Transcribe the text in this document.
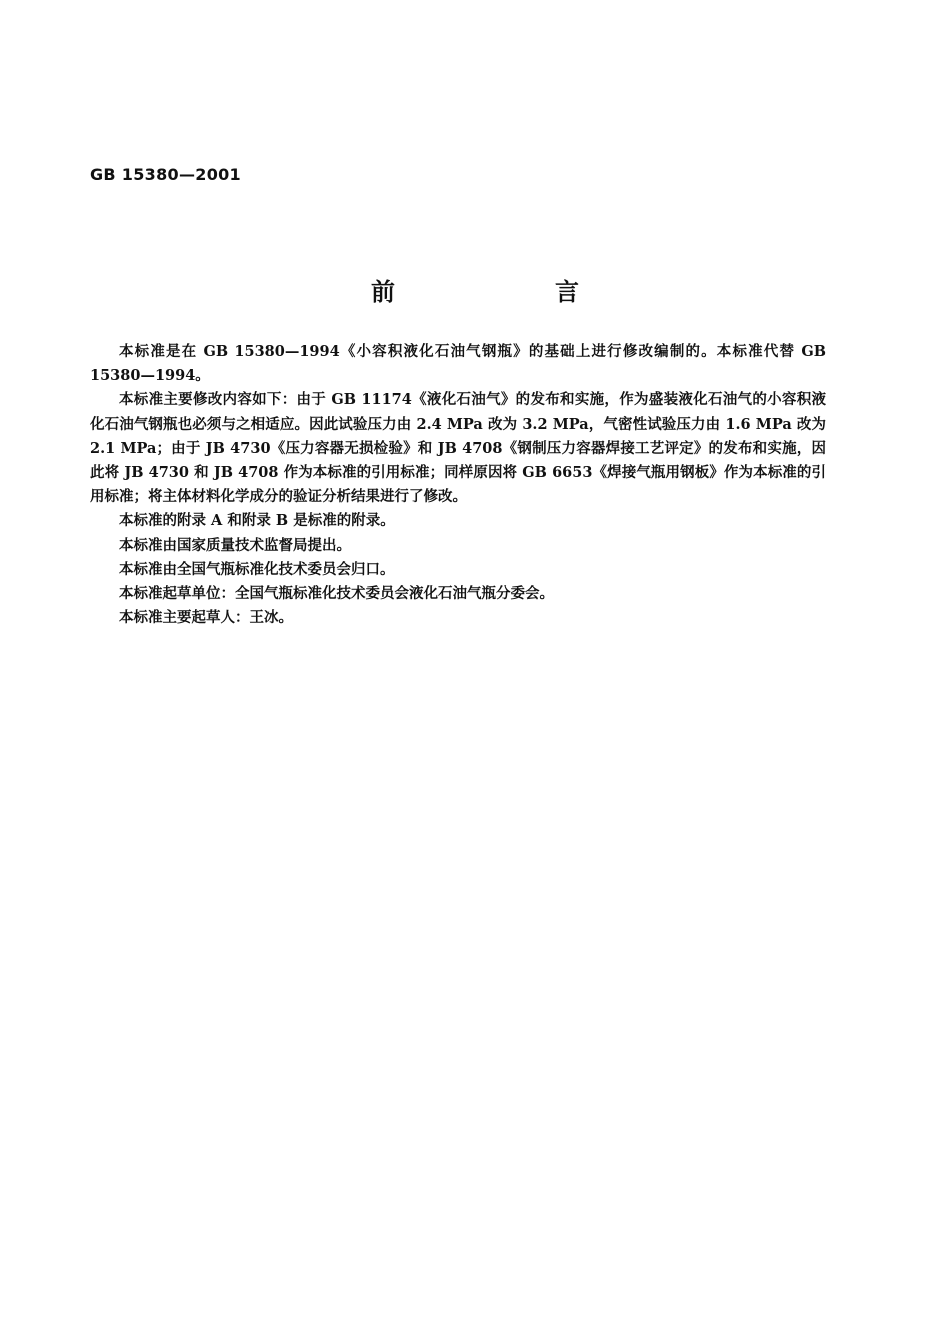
GB 15380—2001
前　言

本标准是在 GB 15380—1994《小容积液化石油气钢瓶》的基础上进行修改编制的。本标准代替 GB 15380—1994。

本标准主要修改内容如下：由于 GB 11174《液化石油气》的发布和实施，作为盛装液化石油气的小容积液化石油气钢瓶也必须与之相适应。因此试验压力由 2.4 MPa 改为 3.2 MPa，气密性试验压力由 1.6 MPa 改为 2.1 MPa；由于 JB 4730《压力容器无损检验》和 JB 4708《钢制压力容器焊接工艺评定》的发布和实施，因此将 JB 4730 和 JB 4708 作为本标准的引用标准；同样原因将 GB 6653《焊接气瓶用钢板》作为本标准的引用标准；将主体材料化学成分的验证分析结果进行了修改。

本标准的附录 A 和附录 B 是标准的附录。

本标准由国家质量技术监督局提出。

本标准由全国气瓶标准化技术委员会归口。

本标准起草单位：全国气瓶标准化技术委员会液化石油气瓶分委会。

本标准主要起草人：王冰。
